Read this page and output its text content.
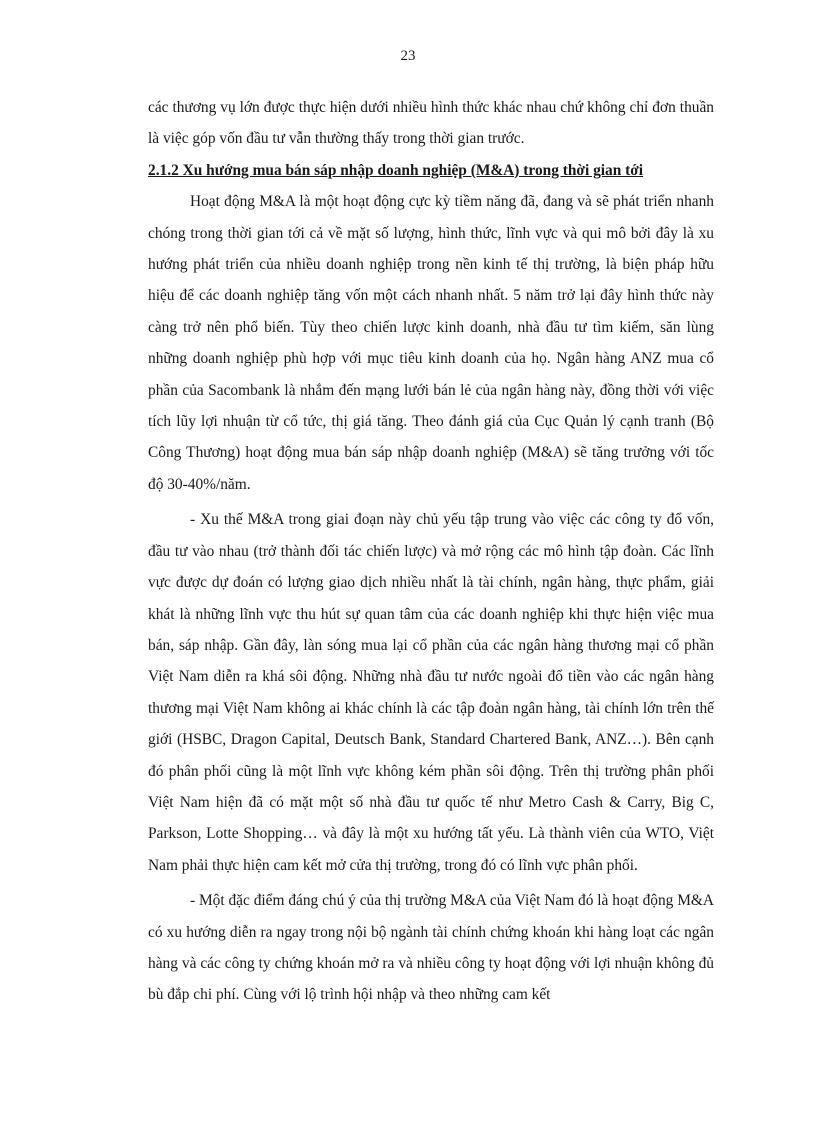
23

các thương vụ lớn được thực hiện dưới nhiều hình thức khác nhau chứ không chỉ đơn thuần là việc góp vốn đầu tư vẫn thường thấy trong thời gian trước.

2.1.2 Xu hướng mua bán sáp nhập doanh nghiệp (M&A) trong thời gian tới

Hoạt động M&A là một hoạt động cực kỳ tiềm năng đã, đang và sẽ phát triển nhanh chóng trong thời gian tới cả về mặt số lượng, hình thức, lĩnh vực và qui mô bởi đây là xu hướng phát triển của nhiều doanh nghiệp trong nền kinh tế thị trường, là biện pháp hữu hiệu để các doanh nghiệp tăng vốn một cách nhanh nhất. 5 năm trở lại đây hình thức này càng trở nên phổ biến. Tùy theo chiến lược kinh doanh, nhà đầu tư tìm kiếm, săn lùng những doanh nghiệp phù hợp với mục tiêu kinh doanh của họ. Ngân hàng ANZ mua cổ phần của Sacombank là nhắm đến mạng lưới bán lẻ của ngân hàng này, đồng thời với việc tích lũy lợi nhuận từ cổ tức, thị giá tăng. Theo đánh giá của Cục Quản lý cạnh tranh (Bộ Công Thương) hoạt động mua bán sáp nhập doanh nghiệp (M&A) sẽ tăng trưởng với tốc độ 30-40%/năm.

- Xu thế M&A trong giai đoạn này chủ yếu tập trung vào việc các công ty đổ vốn, đầu tư vào nhau (trở thành đối tác chiến lược) và mở rộng các mô hình tập đoàn. Các lĩnh vực được dự đoán có lượng giao dịch nhiều nhất là tài chính, ngân hàng, thực phẩm, giải khát là những lĩnh vực thu hút sự quan tâm của các doanh nghiệp khi thực hiện việc mua bán, sáp nhập. Gần đây, làn sóng mua lại cổ phần của các ngân hàng thương mại cổ phần Việt Nam diễn ra khá sôi động. Những nhà đầu tư nước ngoài đổ tiền vào các ngân hàng thương mại Việt Nam không ai khác chính là các tập đoàn ngân hàng, tài chính lớn trên thế giới (HSBC, Dragon Capital, Deutsch Bank, Standard Chartered Bank, ANZ…). Bên cạnh đó phân phối cũng là một lĩnh vực không kém phần sôi động. Trên thị trường phân phối Việt Nam hiện đã có mặt một số nhà đầu tư quốc tế như Metro Cash & Carry, Big C, Parkson, Lotte Shopping… và đây là một xu hướng tất yếu. Là thành viên của WTO, Việt Nam phải thực hiện cam kết mở cửa thị trường, trong đó có lĩnh vực phân phối.

- Một đặc điểm đáng chú ý của thị trường M&A của Việt Nam đó là hoạt động M&A có xu hướng diễn ra ngay trong nội bộ ngành tài chính chứng khoán khi hàng loạt các ngân hàng và các công ty chứng khoán mở ra và nhiều công ty hoạt động với lợi nhuận không đủ bù đắp chi phí. Cùng với lộ trình hội nhập và theo những cam kết
